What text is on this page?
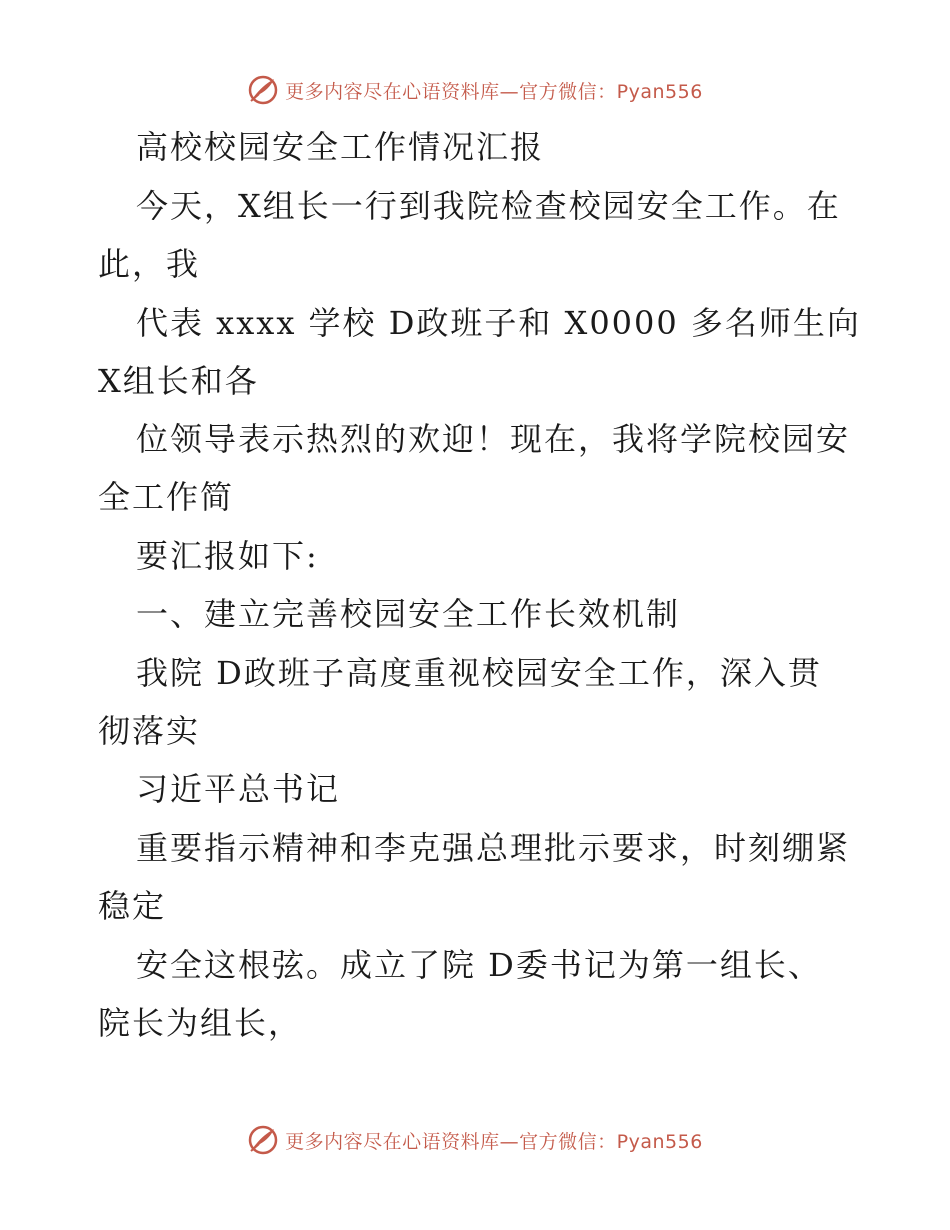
更多内容尽在心语资料库—官方微信：Pyan556
高校校园安全工作情况汇报
今天，X组长一行到我院检查校园安全工作。在
此，我
代表 xxxx 学校 D政班子和 X0000 多名师生向
X组长和各
位领导表示热烈的欢迎！现在，我将学院校园安
全工作简
要汇报如下:
一、建立完善校园安全工作长效机制
我院 D政班子高度重视校园安全工作，深入贯
彻落实
习近平总书记
重要指示精神和李克强总理批示要求，时刻绷紧
稳定
安全这根弦。成立了院 D委书记为第一组长、
院长为组长，
更多内容尽在心语资料库—官方微信：Pyan556
